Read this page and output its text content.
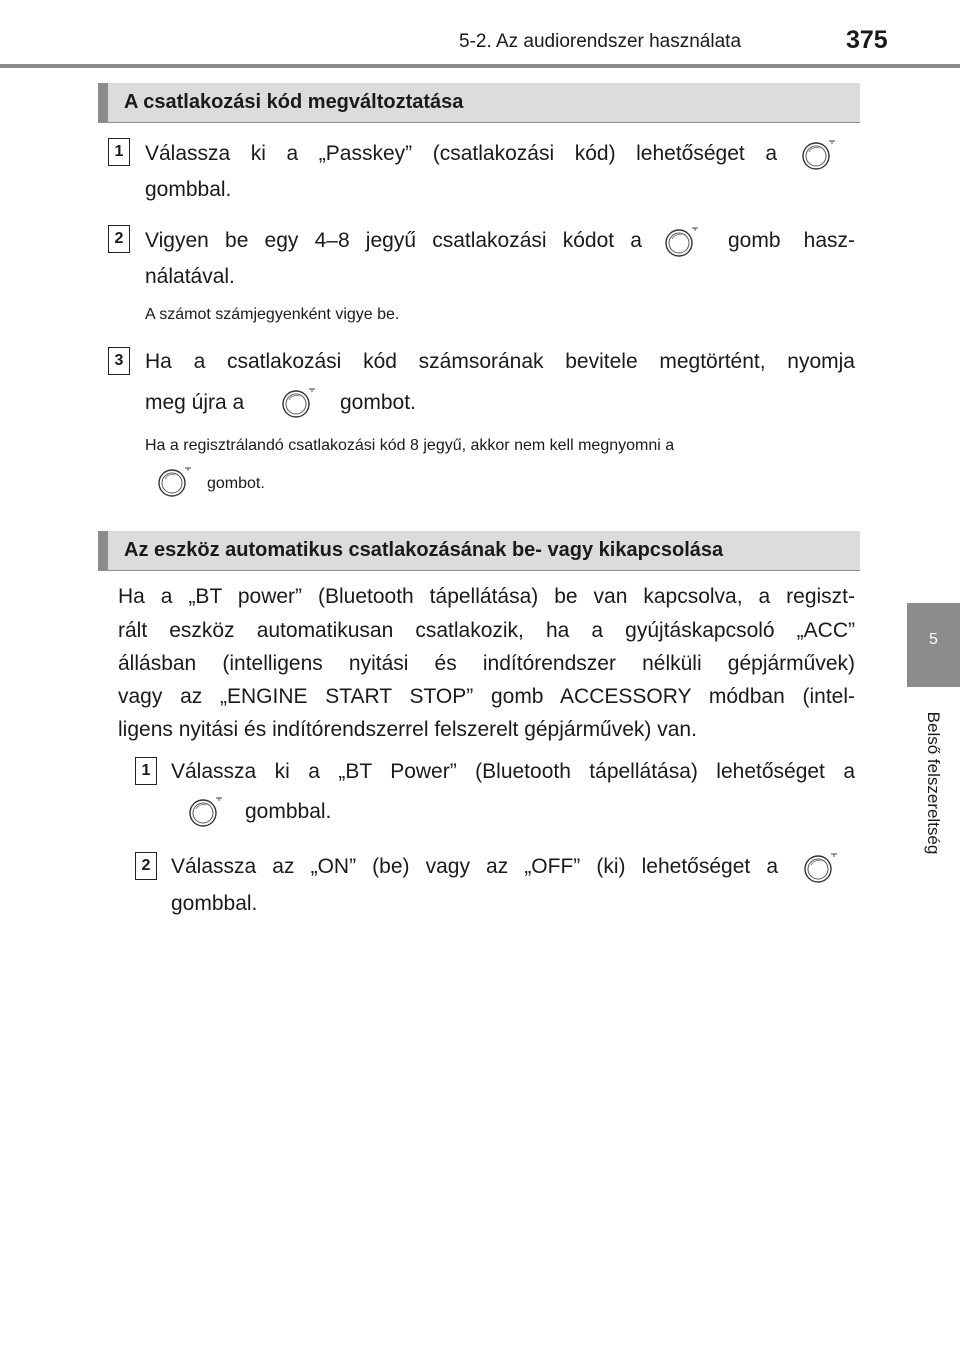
5-2. Az audiorendszer használata	375
5
Belső felszereltség
A csatlakozási kód megváltoztatása
1	Válassza ki a „Passkey” (csatlakozási kód) lehetőséget a
gombbal.
2	Vigyen be egy 4–8 jegyű csatlakozási kódot a	gomb hasz-
nálatával.
A számot számjegyenként vigye be.
3	Ha a csatlakozási kód számsorának bevitele megtörtént, nyomja
meg újra a	gombot.
Ha a regisztrálandó csatlakozási kód 8 jegyű, akkor nem kell megnyomni a
gombot.
Az eszköz automatikus csatlakozásának be- vagy kikapcsolása
Ha a „BT power” (Bluetooth tápellátása) be van kapcsolva, a regiszt-
rált eszköz automatikusan csatlakozik, ha a gyújtáskapcsoló „ACC”
állásban (intelligens nyitási és indítórendszer nélküli gépjárművek)
vagy az „ENGINE START STOP” gomb ACCESSORY módban (intel-
ligens nyitási és indítórendszerrel felszerelt gépjárművek) van.
1 Válassza ki a „BT Power” (Bluetooth tápellátása) lehetőséget a
gombbal.
2 Válassza az „ON” (be) vagy az „OFF” (ki) lehetőséget a
gombbal.
